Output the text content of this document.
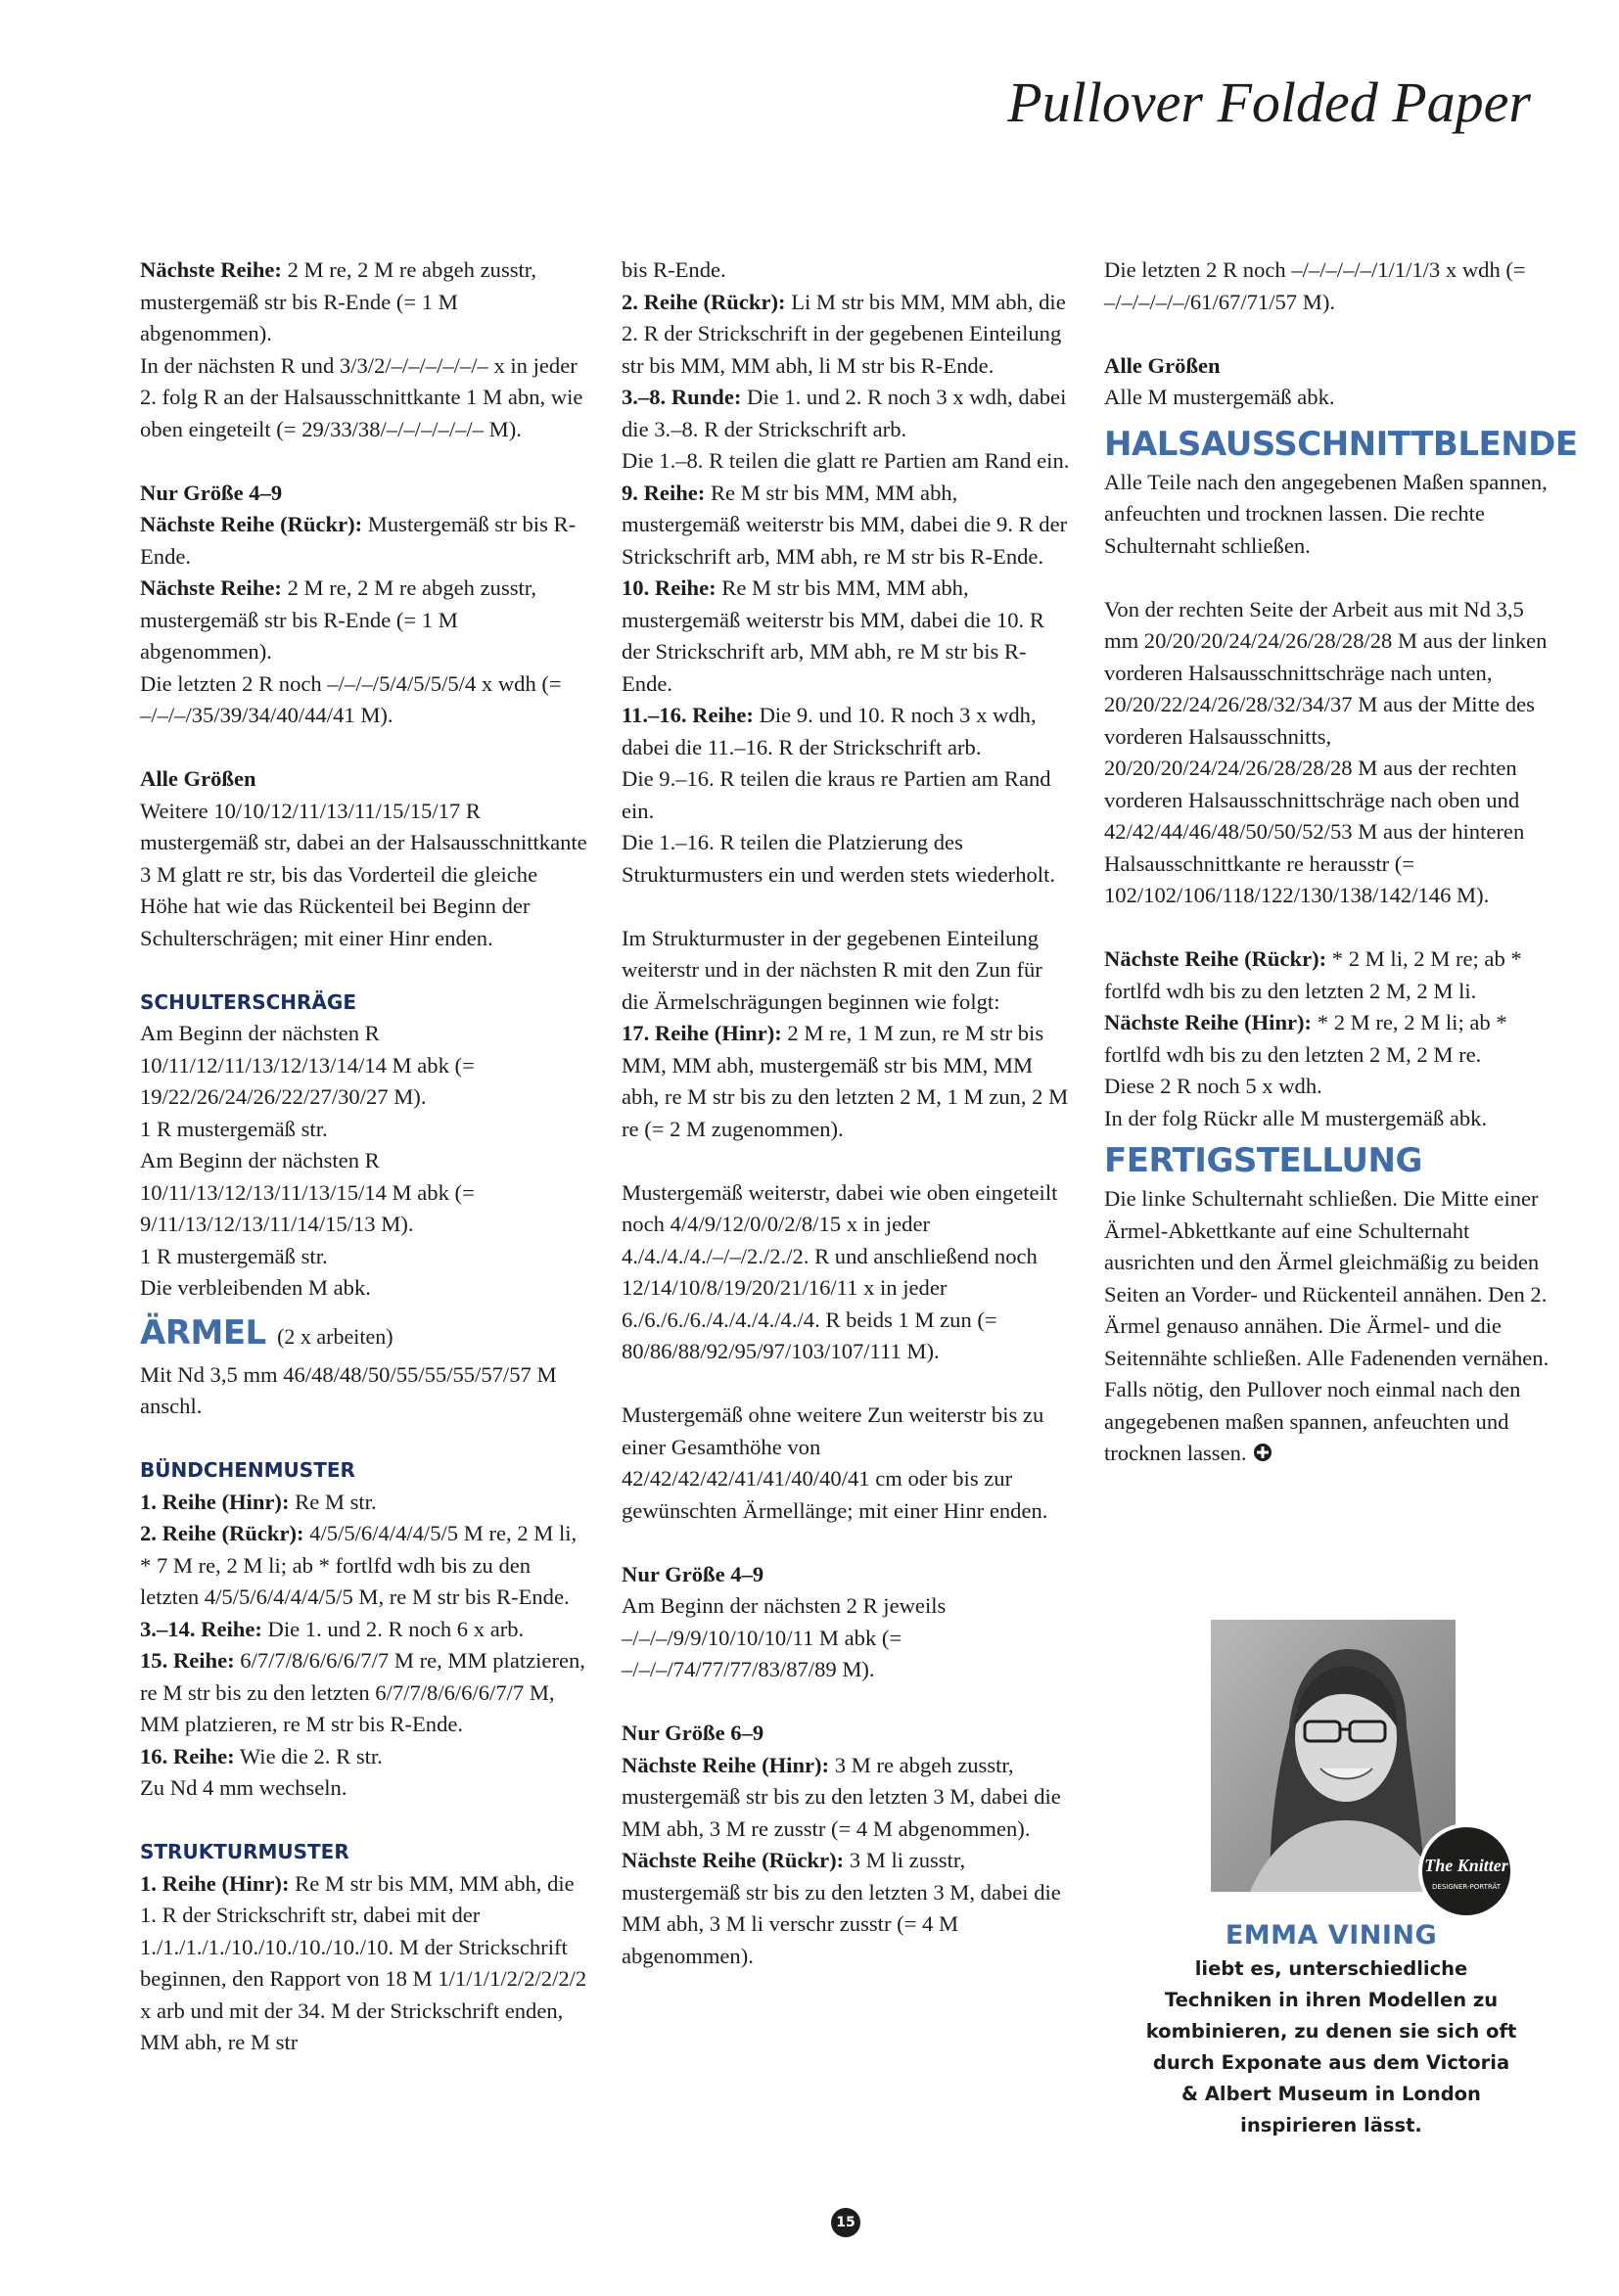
Pullover Folded Paper
Nächste Reihe: 2 M re, 2 M re abgeh zusstr, mustergemäß str bis R-Ende (= 1 M abgenommen).
In der nächsten R und 3/3/2/–/–/–/–/–/– x in jeder 2. folg R an der Halsausschnittkante 1 M abn, wie oben eingeteilt (= 29/33/38/–/–/–/–/–/– M).
Nur Größe 4–9
Nächste Reihe (Rückr): Mustergemäß str bis R-Ende.
Nächste Reihe: 2 M re, 2 M re abgeh zusstr, mustergemäß str bis R-Ende (= 1 M abgenommen).
Die letzten 2 R noch –/–/–/5/4/5/5/5/4 x wdh (= –/–/–/35/39/34/40/44/41 M).
Alle Größen
Weitere 10/10/12/11/13/11/15/15/17 R mustergemäß str, dabei an der Halsausschnittkante 3 M glatt re str, bis das Vorderteil die gleiche Höhe hat wie das Rückenteil bei Beginn der Schulterschrägen; mit einer Hinr enden.
SCHULTERSCHRÄGE
Am Beginn der nächsten R 10/11/12/11/13/12/13/14/14 M abk (= 19/22/26/24/26/22/27/30/27 M).
1 R mustergemäß str.
Am Beginn der nächsten R 10/11/13/12/13/11/13/15/14 M abk (= 9/11/13/12/13/11/14/15/13 M).
1 R mustergemäß str.
Die verbleibenden M abk.
ÄRMEL (2 x arbeiten)
Mit Nd 3,5 mm 46/48/48/50/55/55/55/57/57 M anschl.
BÜNDCHENMUSTER
1. Reihe (Hinr): Re M str.
2. Reihe (Rückr): 4/5/5/6/4/4/4/5/5 M re, 2 M li, * 7 M re, 2 M li; ab * fortlfd wdh bis zu den letzten 4/5/5/6/4/4/4/5/5 M, re M str bis R-Ende.
3.–14. Reihe: Die 1. und 2. R noch 6 x arb.
15. Reihe: 6/7/7/8/6/6/6/7/7 M re, MM platzieren, re M str bis zu den letzten 6/7/7/8/6/6/6/7/7 M, MM platzieren, re M str bis R-Ende.
16. Reihe: Wie die 2. R str.
Zu Nd 4 mm wechseln.
STRUKTURMUSTER
1. Reihe (Hinr): Re M str bis MM, MM abh, die 1. R der Strickschrift str, dabei mit der 1./1./1./1./10./10./10./10./10. M der Strickschrift beginnen, den Rapport von 18 M 1/1/1/1/2/2/2/2/2 x arb und mit der 34. M der Strickschrift enden, MM abh, re M str
bis R-Ende.
2. Reihe (Rückr): Li M str bis MM, MM abh, die 2. R der Strickschrift in der gegebenen Einteilung str bis MM, MM abh, li M str bis R-Ende.
3.–8. Runde: Die 1. und 2. R noch 3 x wdh, dabei die 3.–8. R der Strickschrift arb.
Die 1.–8. R teilen die glatt re Partien am Rand ein.
9. Reihe: Re M str bis MM, MM abh, mustergemäß weiterstr bis MM, dabei die 9. R der Strickschrift arb, MM abh, re M str bis R-Ende.
10. Reihe: Re M str bis MM, MM abh, mustergemäß weiterstr bis MM, dabei die 10. R der Strickschrift arb, MM abh, re M str bis R-Ende.
11.–16. Reihe: Die 9. und 10. R noch 3 x wdh, dabei die 11.–16. R der Strickschrift arb.
Die 9.–16. R teilen die kraus re Partien am Rand ein.
Die 1.–16. R teilen die Platzierung des Strukturmusters ein und werden stets wiederholt.
Im Strukturmuster in der gegebenen Einteilung weiterstr und in der nächsten R mit den Zun für die Ärmelschrägungen beginnen wie folgt:
17. Reihe (Hinr): 2 M re, 1 M zun, re M str bis MM, MM abh, mustergemäß str bis MM, MM abh, re M str bis zu den letzten 2 M, 1 M zun, 2 M re (= 2 M zugenommen).
Mustergemäß weiterstr, dabei wie oben eingeteilt noch 4/4/9/12/0/0/2/8/15 x in jeder 4./4./4./4./–/–/2./2./2. R und anschließend noch 12/14/10/8/19/20/21/16/11 x in jeder 6./6./6./6./4./4./4./4./4. R beids 1 M zun (= 80/86/88/92/95/97/103/107/111 M).
Mustergemäß ohne weitere Zun weiterstr bis zu einer Gesamthöhe von 42/42/42/42/41/41/40/40/41 cm oder bis zur gewünschten Ärmellänge; mit einer Hinr enden.
Nur Größe 4–9
Am Beginn der nächsten 2 R jeweils –/–/–/9/9/10/10/10/11 M abk (= –/–/–/74/77/77/83/87/89 M).
Nur Größe 6–9
Nächste Reihe (Hinr): 3 M re abgeh zusstr, mustergemäß str bis zu den letzten 3 M, dabei die MM abh, 3 M re zusstr (= 4 M abgenommen).
Nächste Reihe (Rückr): 3 M li zusstr, mustergemäß str bis zu den letzten 3 M, dabei die MM abh, 3 M li verschr zusstr (= 4 M abgenommen).
Die letzten 2 R noch –/–/–/–/–/1/1/1/3 x wdh (= –/–/–/–/–/61/67/71/57 M).
Alle Größen
Alle M mustergemäß abk.
HALSAUSSCHNITTBLENDE
Alle Teile nach den angegebenen Maßen spannen, anfeuchten und trocknen lassen. Die rechte Schulternaht schließen.
Von der rechten Seite der Arbeit aus mit Nd 3,5 mm 20/20/20/24/24/26/28/28/28 M aus der linken vorderen Halsausschnittschräge nach unten, 20/20/22/24/26/28/32/34/37 M aus der Mitte des vorderen Halsausschnitts, 20/20/20/24/24/26/28/28/28 M aus der rechten vorderen Halsausschnittschräge nach oben und 42/42/44/46/48/50/50/52/53 M aus der hinteren Halsausschnittkante re herausstr (= 102/102/106/118/122/130/138/142/146 M).
Nächste Reihe (Rückr): * 2 M li, 2 M re; ab * fortlfd wdh bis zu den letzten 2 M, 2 M li.
Nächste Reihe (Hinr): * 2 M re, 2 M li; ab * fortlfd wdh bis zu den letzten 2 M, 2 M re.
Diese 2 R noch 5 x wdh.
In der folg Rückr alle M mustergemäß abk.
FERTIGSTELLUNG
Die linke Schulternaht schließen. Die Mitte einer Ärmel-Abkettkante auf eine Schulternaht ausrichten und den Ärmel gleichmäßig zu beiden Seiten an Vorder- und Rückenteil annähen. Den 2. Ärmel genauso annähen. Die Ärmel- und die Seitennähte schließen. Alle Fadenenden vernähen. Falls nötig, den Pullover noch einmal nach den angegebenen maßen spannen, anfeuchten und trocknen lassen.
The Knitter
DESIGNER-PORTRÄT
EMMA VINING
liebt es, unterschiedliche Techniken in ihren Modellen zu kombinieren, zu denen sie sich oft durch Exponate aus dem Victoria & Albert Museum in London inspirieren lässt.
15
